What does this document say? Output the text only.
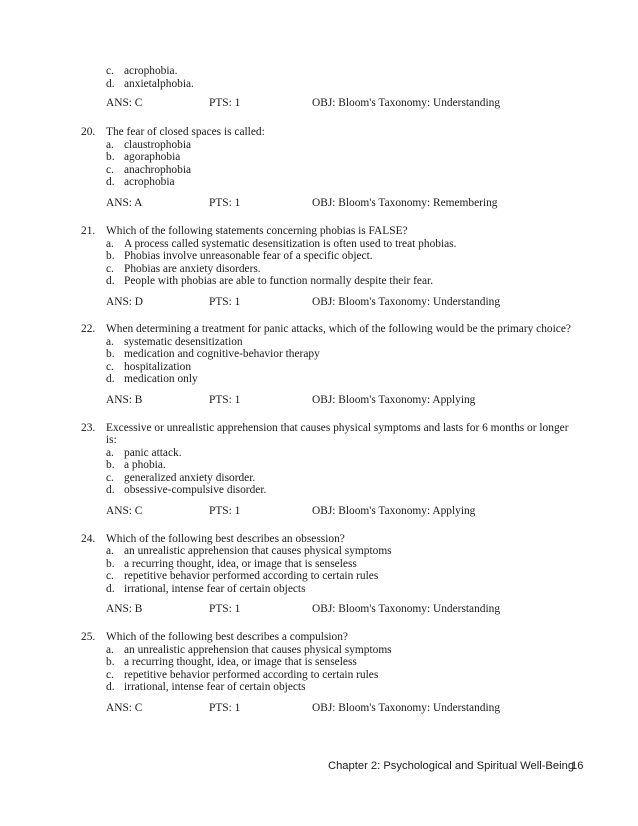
c. acrophobia.
d. anxietalphobia.
ANS: C	PTS: 1	OBJ: Bloom's Taxonomy: Understanding
20. The fear of closed spaces is called:
a. claustrophobia
b. agoraphobia
c. anachrophobia
d. acrophobia
ANS: A	PTS: 1	OBJ: Bloom's Taxonomy: Remembering
21. Which of the following statements concerning phobias is FALSE?
a. A process called systematic desensitization is often used to treat phobias.
b. Phobias involve unreasonable fear of a specific object.
c. Phobias are anxiety disorders.
d. People with phobias are able to function normally despite their fear.
ANS: D	PTS: 1	OBJ: Bloom's Taxonomy: Understanding
22. When determining a treatment for panic attacks, which of the following would be the primary choice?
a. systematic desensitization
b. medication and cognitive-behavior therapy
c. hospitalization
d. medication only
ANS: B	PTS: 1	OBJ: Bloom's Taxonomy: Applying
23. Excessive or unrealistic apprehension that causes physical symptoms and lasts for 6 months or longer
is:
a. panic attack.
b. a phobia.
c. generalized anxiety disorder.
d. obsessive-compulsive disorder.
ANS: C	PTS: 1	OBJ: Bloom's Taxonomy: Applying
24. Which of the following best describes an obsession?
a. an unrealistic apprehension that causes physical symptoms
b. a recurring thought, idea, or image that is senseless
c. repetitive behavior performed according to certain rules
d. irrational, intense fear of certain objects
ANS: B	PTS: 1	OBJ: Bloom's Taxonomy: Understanding
25. Which of the following best describes a compulsion?
a. an unrealistic apprehension that causes physical symptoms
b. a recurring thought, idea, or image that is senseless
c. repetitive behavior performed according to certain rules
d. irrational, intense fear of certain objects
ANS: C	PTS: 1	OBJ: Bloom's Taxonomy: Understanding
Chapter 2: Psychological and Spiritual Well-Being
16
